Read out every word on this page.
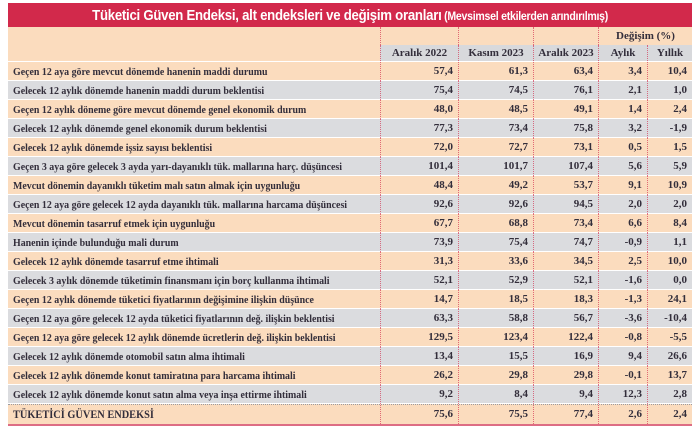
Tüketici Güven Endeksi, alt endeksleri ve değişim oranları (Mevsimsel etkilerden arındırılmış)
Değişim (%)
Aralık 2022	Kasım 2023	Aralık 2023	Aylık	Yıllık
Geçen 12 aya göre mevcut dönemde hanenin maddi durumu	57,4	61,3	63,4	3,4	10,4
Gelecek 12 aylık dönemde hanenin maddi durum beklentisi	75,4	74,5	76,1	2,1	1,0
Geçen 12 aylık döneme göre mevcut dönemde genel ekonomik durum	48,0	48,5	49,1	1,4	2,4
Gelecek 12 aylık dönemde genel ekonomik durum beklentisi	77,3	73,4	75,8	3,2	-1,9
Gelecek 12 aylık dönemde işsiz sayısı beklentisi	72,0	72,7	73,1	0,5	1,5
Geçen 3 aya göre gelecek 3 ayda yarı-dayanıklı tük. mallarına harç. düşüncesi	101,4	101,7	107,4	5,6	5,9
Mevcut dönemin dayanıklı tüketim malı satın almak için uygunluğu	48,4	49,2	53,7	9,1	10,9
Geçen 12 aya göre gelecek 12 ayda dayanıklı tük. mallarına harcama düşüncesi	92,6	92,6	94,5	2,0	2,0
Mevcut dönemin tasarruf etmek için uygunluğu	67,7	68,8	73,4	6,6	8,4
Hanenin içinde bulunduğu mali durum	73,9	75,4	74,7	-0,9	1,1
Gelecek 12 aylık dönemde tasarruf etme ihtimali	31,3	33,6	34,5	2,5	10,0
Gelecek 3 aylık dönemde tüketimin finansmanı için borç kullanma ihtimali	52,1	52,9	52,1	-1,6	0,0
Geçen 12 aylık dönemde tüketici fiyatlarının değişimine ilişkin düşünce	14,7	18,5	18,3	-1,3	24,1
Geçen 12 aya göre gelecek 12 ayda tüketici fiyatlarının değ. ilişkin beklentisi	63,3	58,8	56,7	-3,6	-10,4
Geçen 12 aya göre gelecek 12 aylık dönemde ücretlerin değ. ilişkin beklentisi	129,5	123,4	122,4	-0,8	-5,5
Gelecek 12 aylık dönemde otomobil satın alma ihtimali	13,4	15,5	16,9	9,4	26,6
Gelecek 12 aylık dönemde konut tamiratına para harcama ihtimali	26,2	29,8	29,8	-0,1	13,7
Gelecek 12 aylık dönemde konut satın alma veya inşa ettirme ihtimali	9,2	8,4	9,4	12,3	2,8
TÜKETİCİ GÜVEN ENDEKSİ	75,6	75,5	77,4	2,6	2,4
